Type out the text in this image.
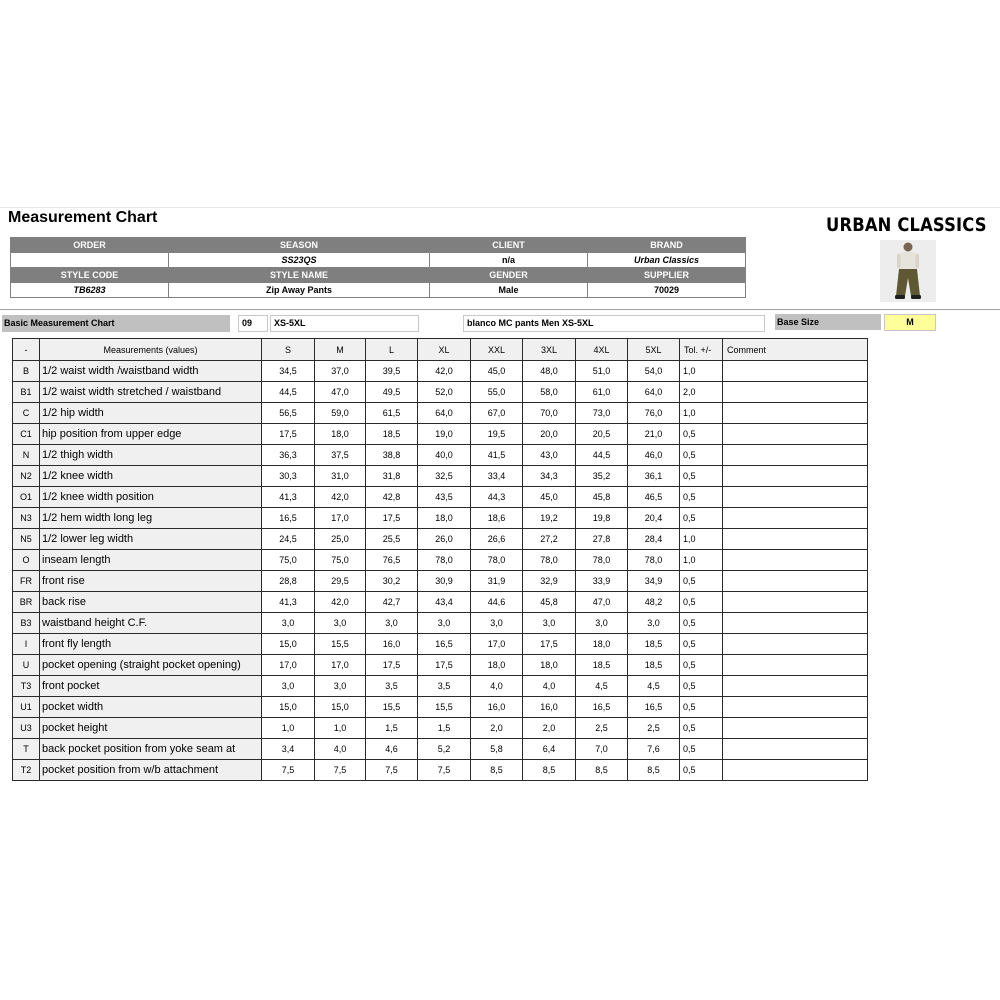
Measurement Chart	URBAN CLASSICS
ORDER	SEASON	CLIENT	BRAND
	SS23QS	n/a	Urban Classics
STYLE CODE	STYLE NAME	GENDER	SUPPLIER
TB6283	Zip Away Pants	Male	70029
Basic Measurement Chart	09	XS-5XL	blanco MC pants Men XS-5XL	Base Size	M
-	Measurements (values)	S	M	L	XL	XXL	3XL	4XL	5XL	Tol. +/-	Comment
B	1/2 waist width /waistband width	34,5	37,0	39,5	42,0	45,0	48,0	51,0	54,0	1,0	
B1	1/2 waist width stretched / waistband	44,5	47,0	49,5	52,0	55,0	58,0	61,0	64,0	2,0	
C	1/2 hip width	56,5	59,0	61,5	64,0	67,0	70,0	73,0	76,0	1,0	
C1	hip position from upper edge	17,5	18,0	18,5	19,0	19,5	20,0	20,5	21,0	0,5	
N	1/2 thigh width	36,3	37,5	38,8	40,0	41,5	43,0	44,5	46,0	0,5	
N2	1/2 knee width	30,3	31,0	31,8	32,5	33,4	34,3	35,2	36,1	0,5	
O1	1/2 knee width position	41,3	42,0	42,8	43,5	44,3	45,0	45,8	46,5	0,5	
N3	1/2 hem width long leg	16,5	17,0	17,5	18,0	18,6	19,2	19,8	20,4	0,5	
N5	1/2 lower leg width	24,5	25,0	25,5	26,0	26,6	27,2	27,8	28,4	1,0	
O	inseam length	75,0	75,0	76,5	78,0	78,0	78,0	78,0	78,0	1,0	
FR	front rise	28,8	29,5	30,2	30,9	31,9	32,9	33,9	34,9	0,5	
BR	back rise	41,3	42,0	42,7	43,4	44,6	45,8	47,0	48,2	0,5	
B3	waistband height C.F.	3,0	3,0	3,0	3,0	3,0	3,0	3,0	3,0	0,5	
I	front fly length	15,0	15,5	16,0	16,5	17,0	17,5	18,0	18,5	0,5	
U	pocket opening (straight pocket opening)	17,0	17,0	17,5	17,5	18,0	18,0	18,5	18,5	0,5	
T3	front pocket	3,0	3,0	3,5	3,5	4,0	4,0	4,5	4,5	0,5	
U1	pocket width	15,0	15,0	15,5	15,5	16,0	16,0	16,5	16,5	0,5	
U3	pocket height	1,0	1,0	1,5	1,5	2,0	2,0	2,5	2,5	0,5	
T	back pocket position from yoke seam at	3,4	4,0	4,6	5,2	5,8	6,4	7,0	7,6	0,5	
T2	pocket position from w/b attachment	7,5	7,5	7,5	7,5	8,5	8,5	8,5	8,5	0,5	
